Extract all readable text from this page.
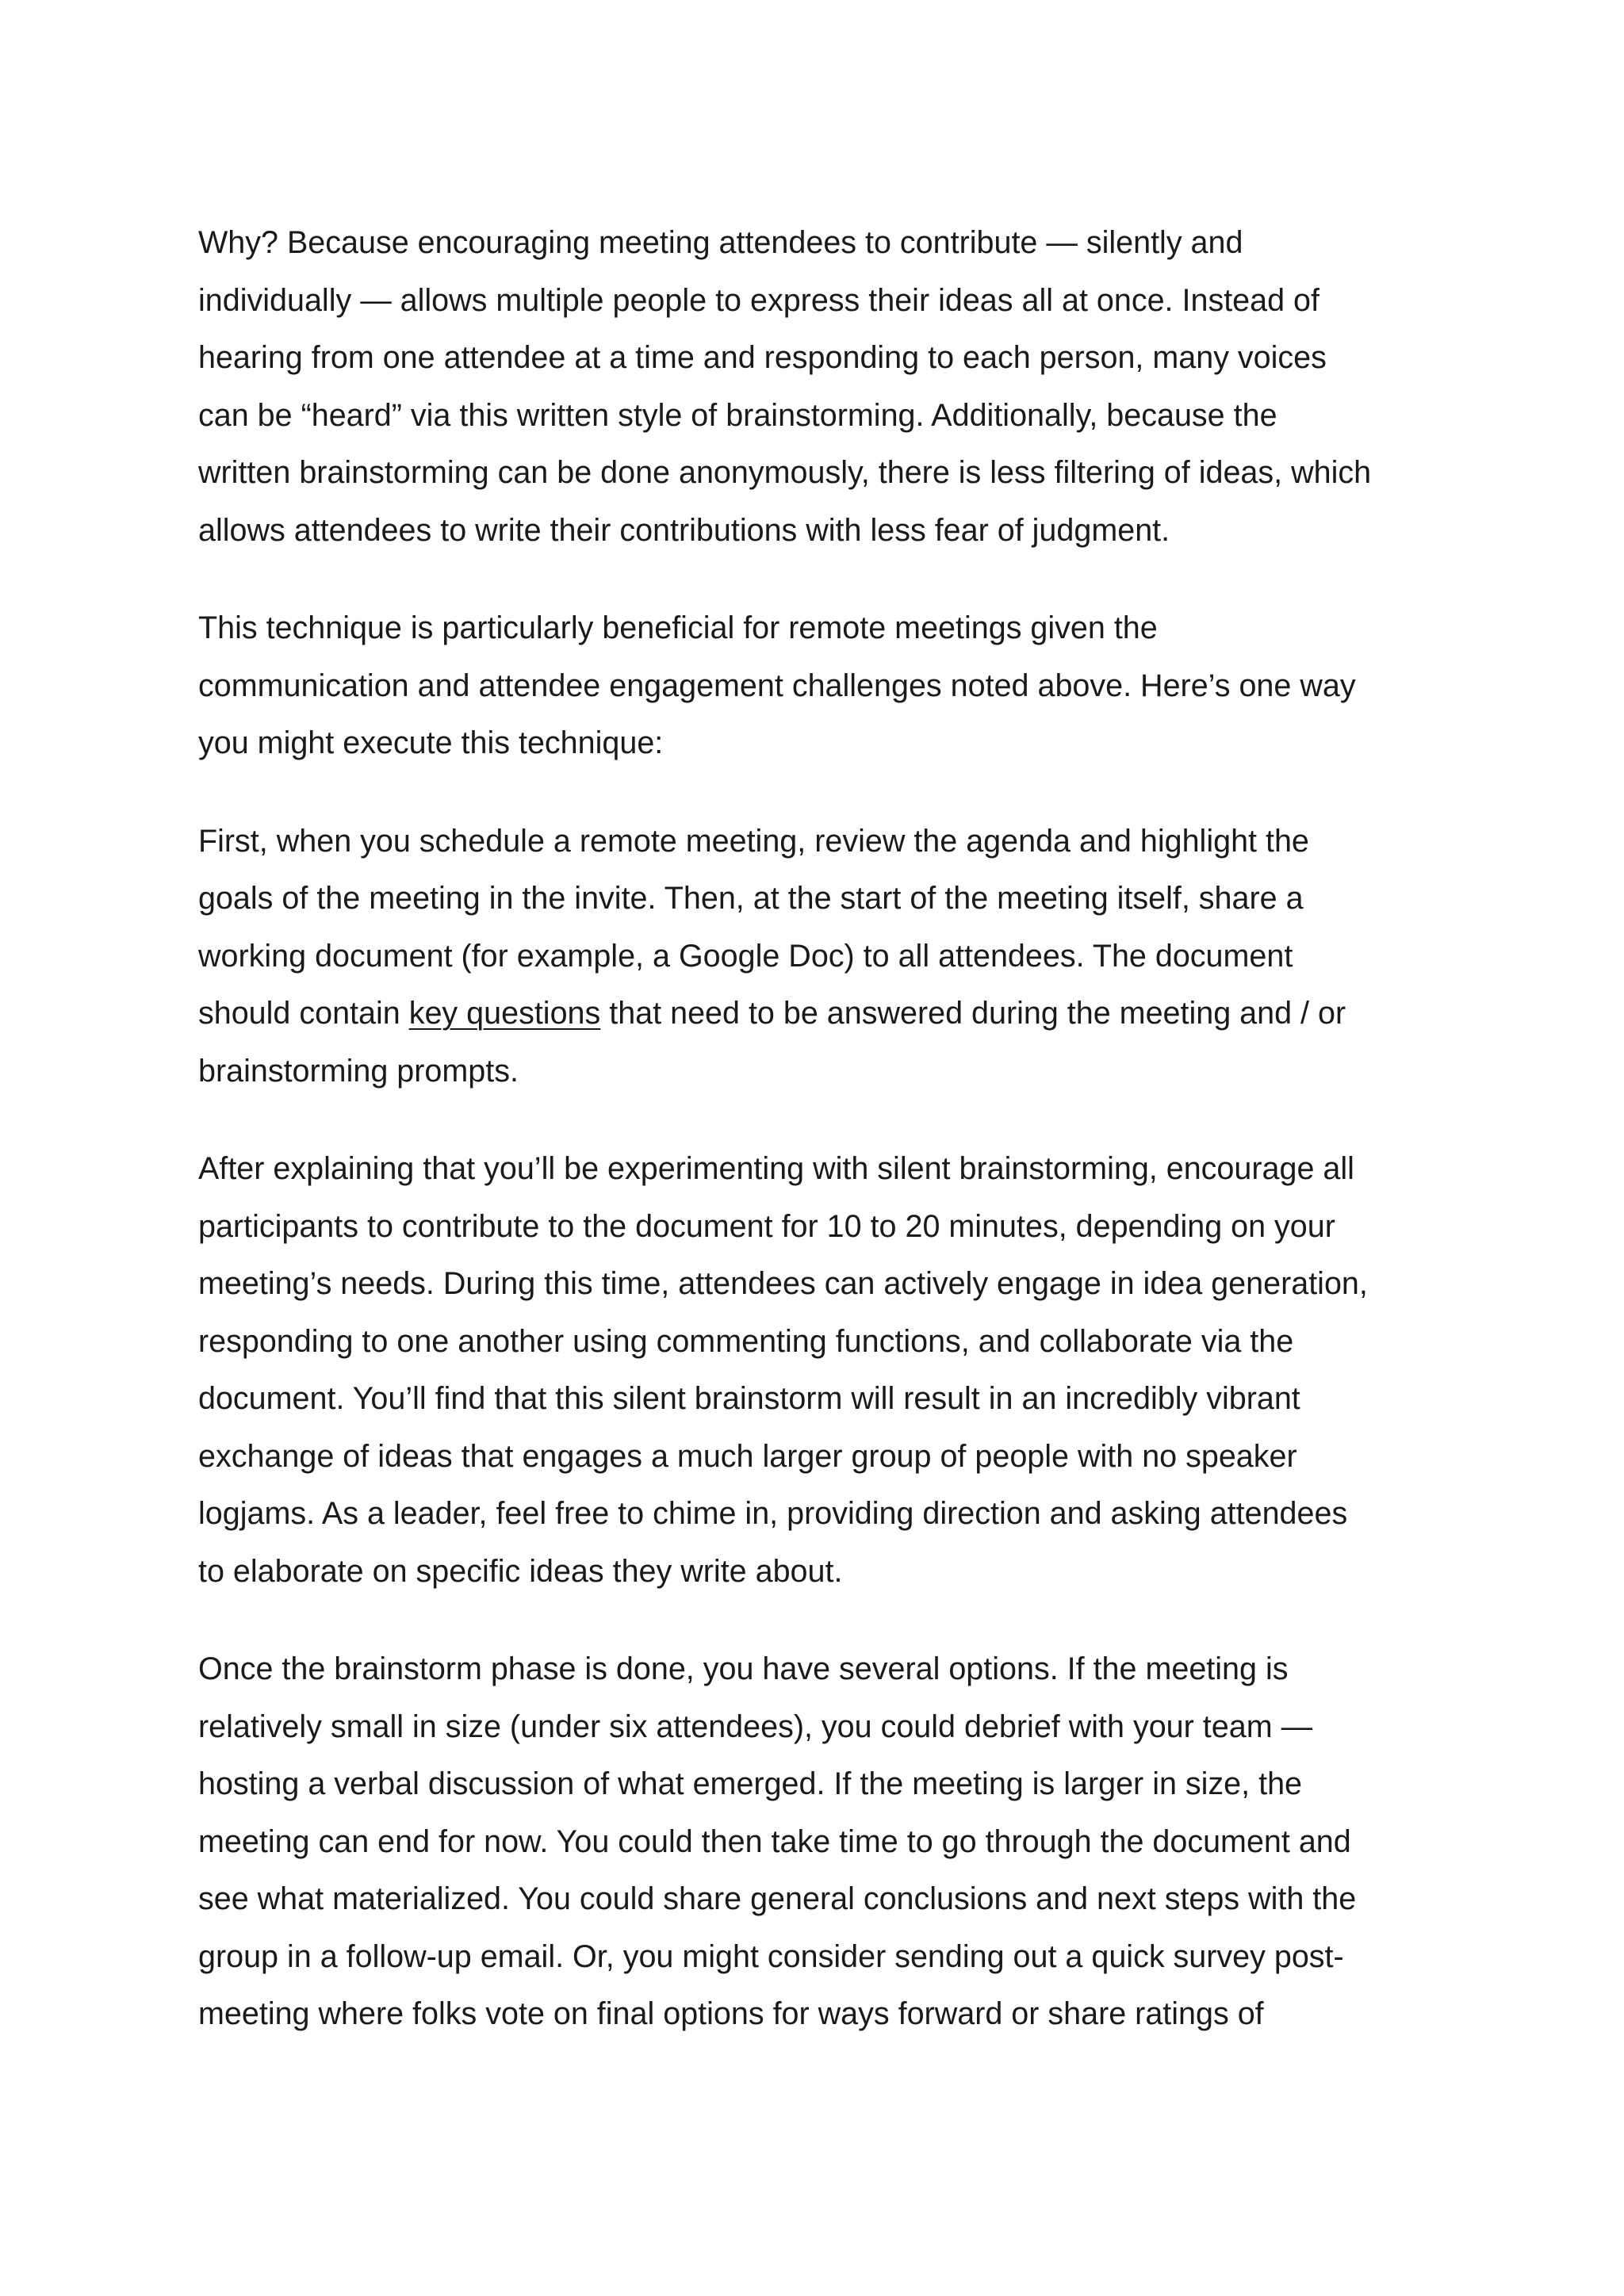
Why? Because encouraging meeting attendees to contribute — silently and
individually — allows multiple people to express their ideas all at once. Instead of
hearing from one attendee at a time and responding to each person, many voices
can be “heard” via this written style of brainstorming. Additionally, because the
written brainstorming can be done anonymously, there is less filtering of ideas, which
allows attendees to write their contributions with less fear of judgment.

This technique is particularly beneficial for remote meetings given the
communication and attendee engagement challenges noted above. Here’s one way
you might execute this technique:

First, when you schedule a remote meeting, review the agenda and highlight the
goals of the meeting in the invite. Then, at the start of the meeting itself, share a
working document (for example, a Google Doc) to all attendees. The document
should contain key questions that need to be answered during the meeting and / or
brainstorming prompts.

After explaining that you’ll be experimenting with silent brainstorming, encourage all
participants to contribute to the document for 10 to 20 minutes, depending on your
meeting’s needs. During this time, attendees can actively engage in idea generation,
responding to one another using commenting functions, and collaborate via the
document. You’ll find that this silent brainstorm will result in an incredibly vibrant
exchange of ideas that engages a much larger group of people with no speaker
logjams. As a leader, feel free to chime in, providing direction and asking attendees
to elaborate on specific ideas they write about.

Once the brainstorm phase is done, you have several options. If the meeting is
relatively small in size (under six attendees), you could debrief with your team —
hosting a verbal discussion of what emerged. If the meeting is larger in size, the
meeting can end for now. You could then take time to go through the document and
see what materialized. You could share general conclusions and next steps with the
group in a follow-up email. Or, you might consider sending out a quick survey post-
meeting where folks vote on final options for ways forward or share ratings of
